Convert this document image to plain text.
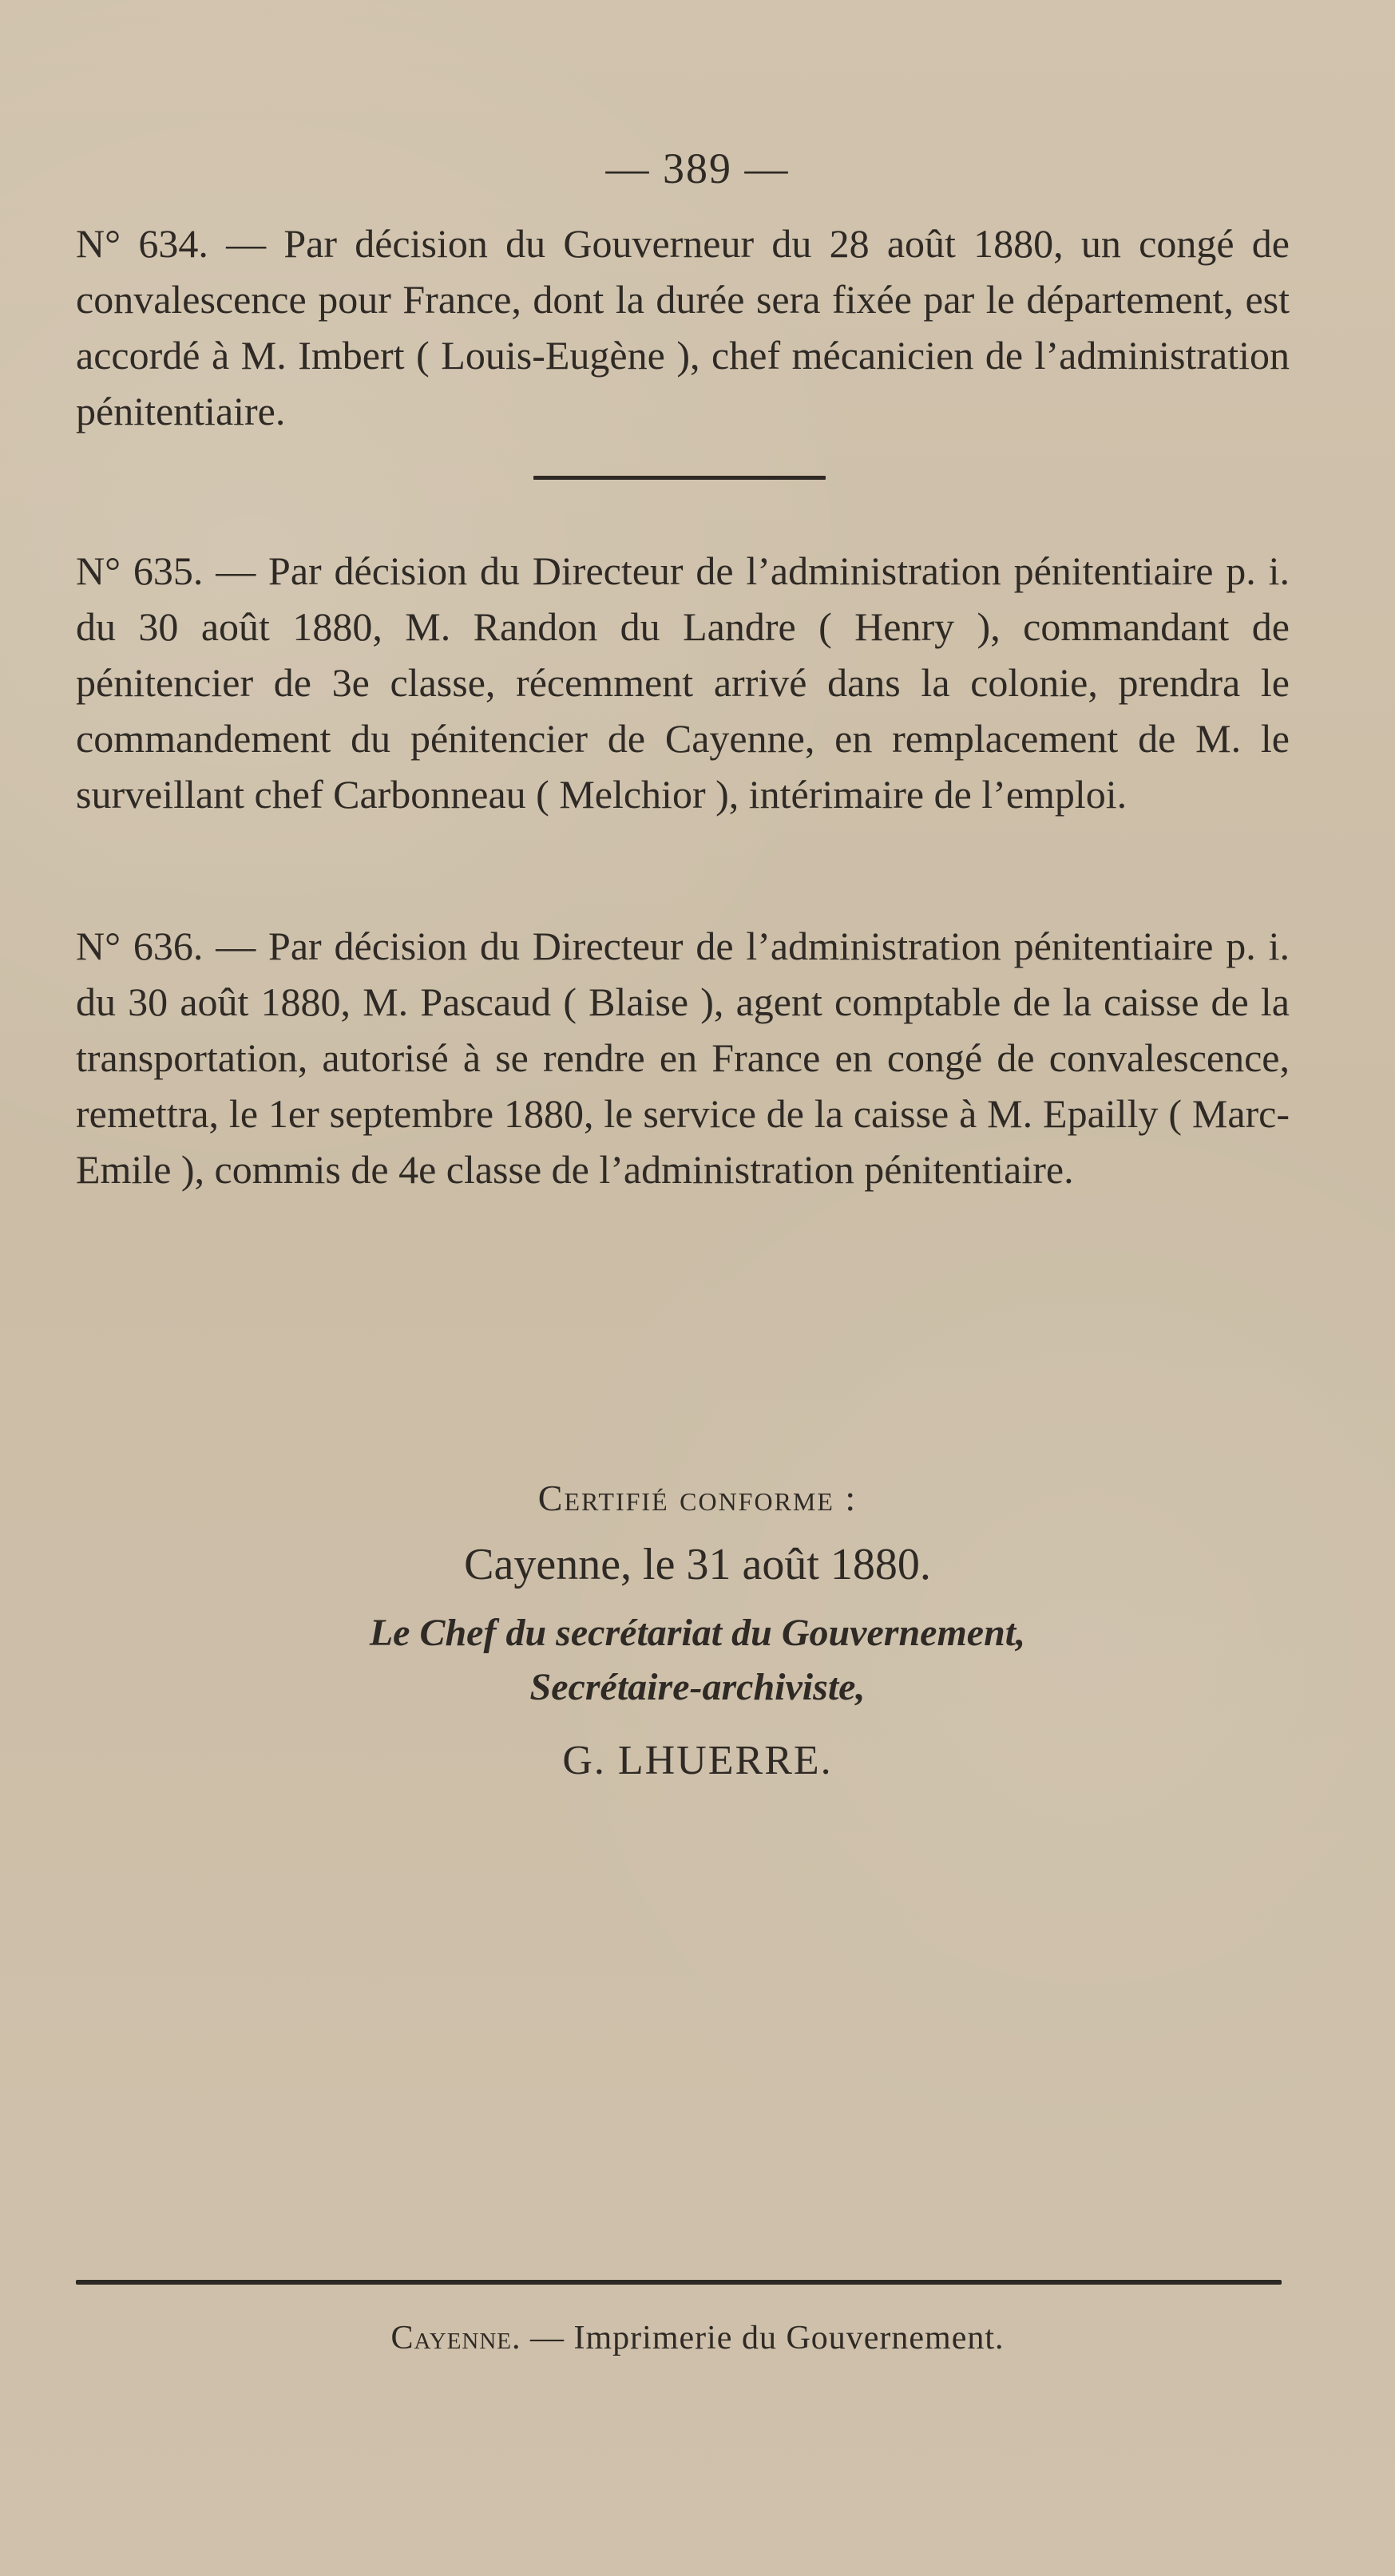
— 389 —
N° 634. — Par décision du Gouverneur du 28 août 1880, un congé de convalescence pour France, dont la durée sera fixée par le département, est accordé à M. Imbert ( Louis-Eugène ), chef mécanicien de l’administration pénitentiaire.
N° 635. — Par décision du Directeur de l’administration pénitentiaire p. i. du 30 août 1880, M. Randon du Landre ( Henry ), commandant de pénitencier de 3e classe, récemment arrivé dans la colonie, prendra le commandement du pénitencier de Cayenne, en remplacement de M. le surveillant chef Carbonneau ( Melchior ), intérimaire de l’emploi.
N° 636. — Par décision du Directeur de l’administration pénitentiaire p. i. du 30 août 1880, M. Pascaud ( Blaise ), agent comptable de la caisse de la transportation, autorisé à se rendre en France en congé de convalescence, remettra, le 1er septembre 1880, le service de la caisse à M. Epailly ( Marc-Emile ), commis de 4e classe de l’administration pénitentiaire.
Certifié conforme :
Cayenne, le 31 août 1880.
Le Chef du secrétariat du Gouvernement,
Secrétaire-archiviste,
G. LHUERRE.
Cayenne. — Imprimerie du Gouvernement.
